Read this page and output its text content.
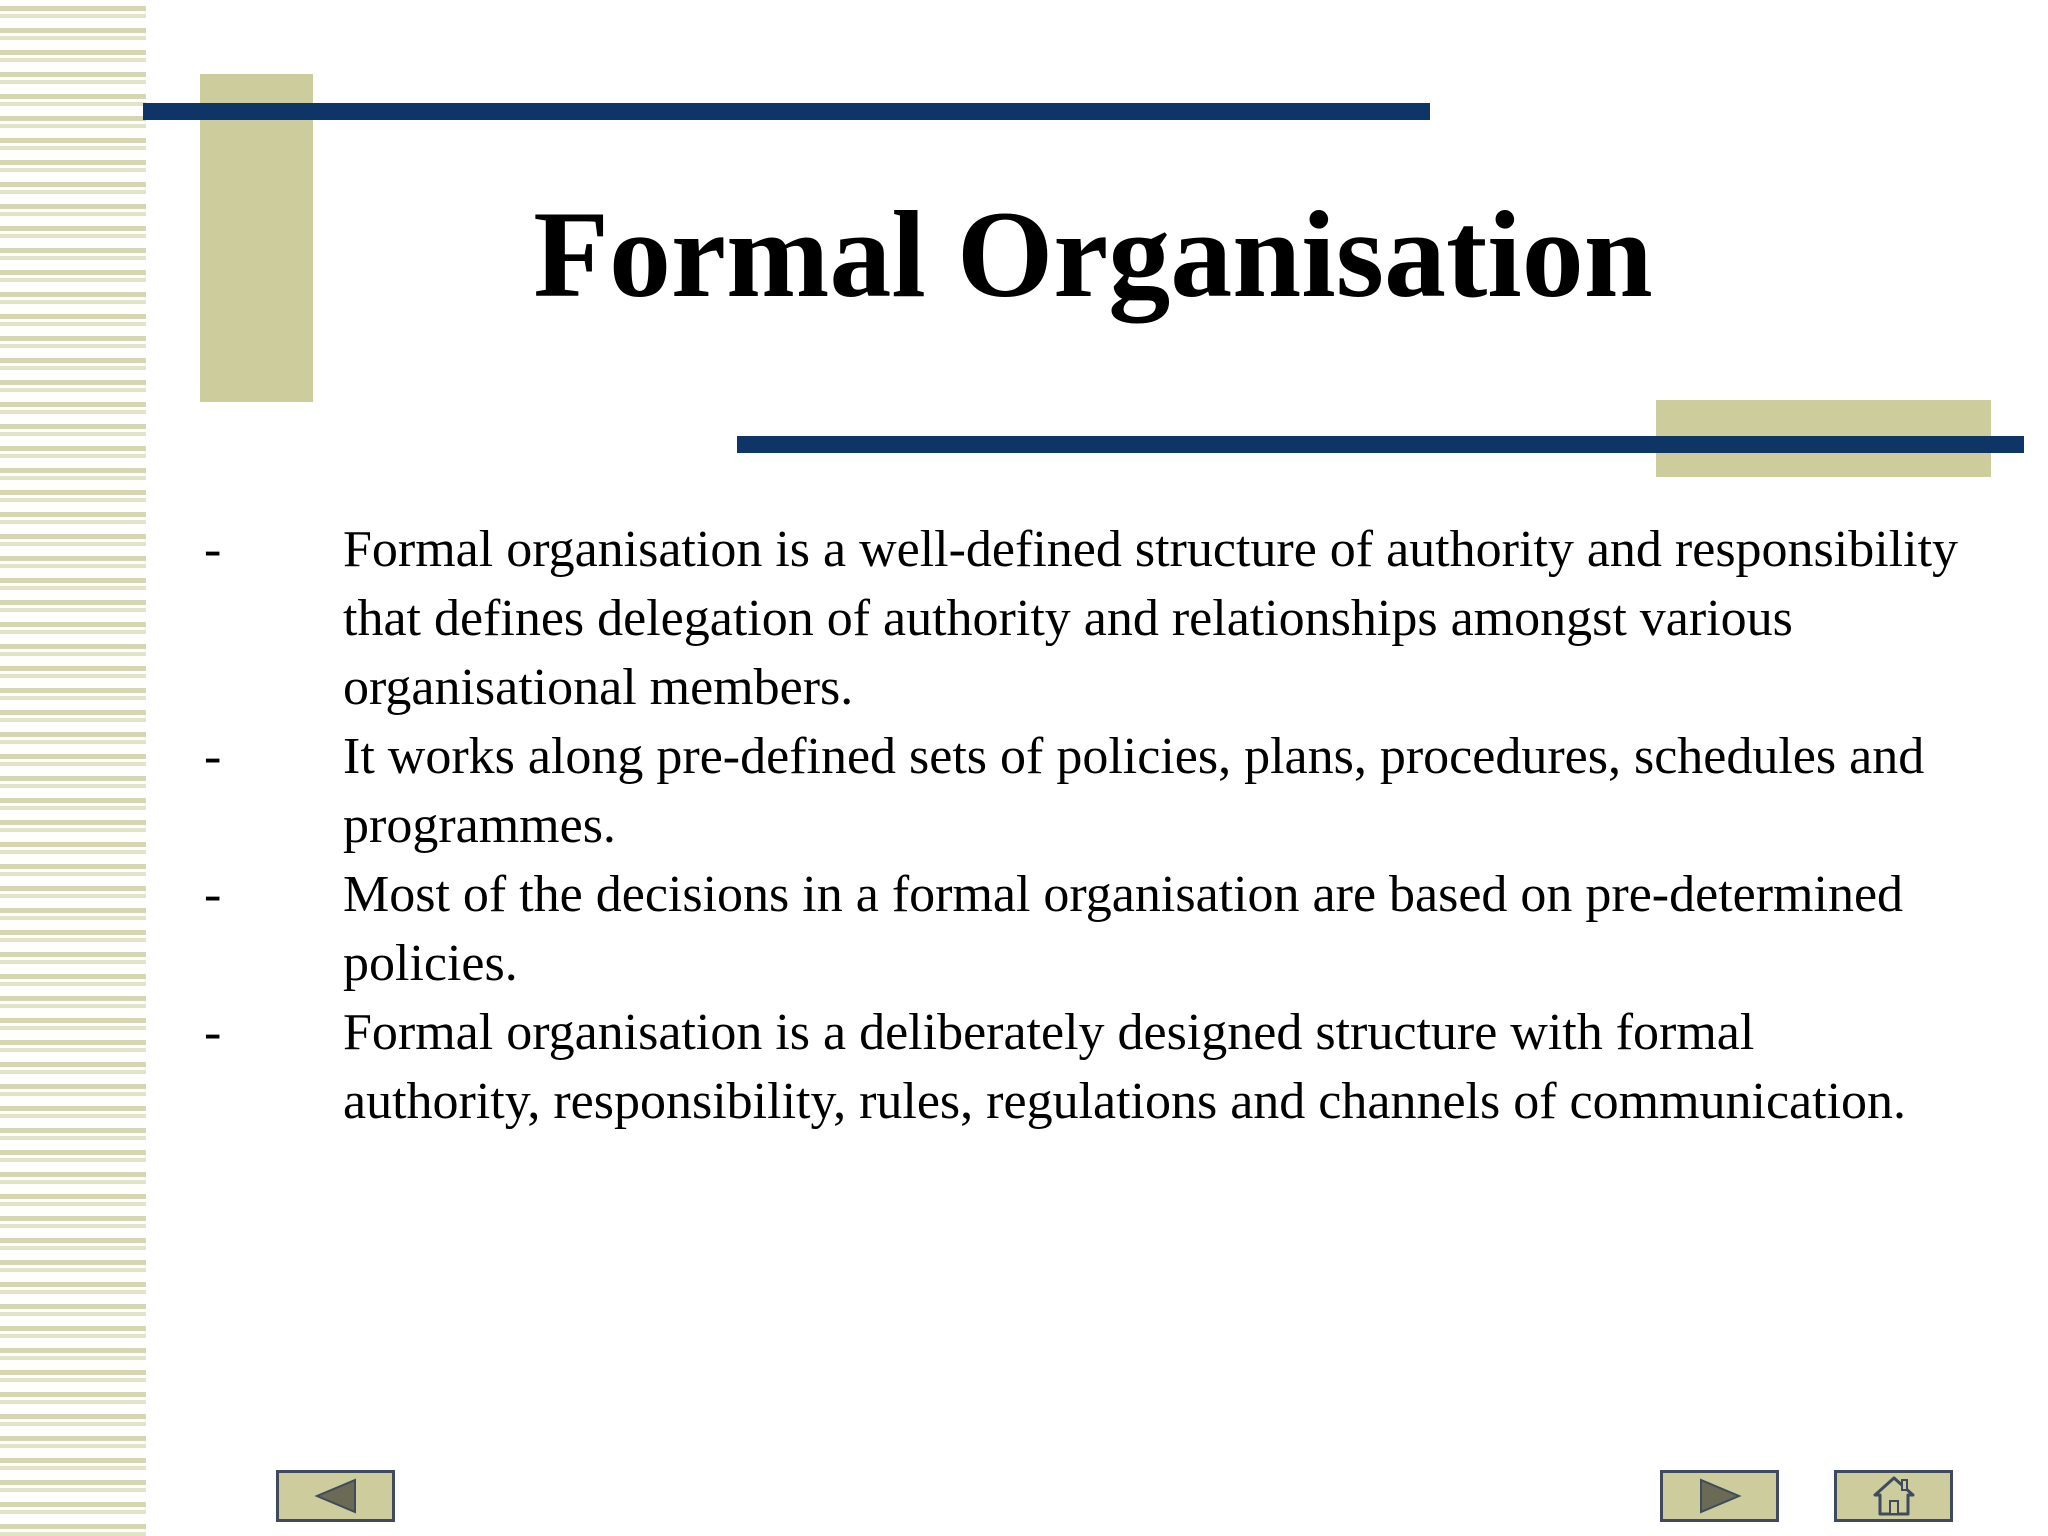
Formal Organisation
- Formal organisation is a well-defined structure of authority and responsibility that defines delegation of authority and relationships amongst various organisational members.
- It works along pre-defined sets of policies, plans, procedures, schedules and programmes.
- Most of the decisions in a formal organisation are based on pre-determined policies.
- Formal organisation is a deliberately designed structure with formal authority, responsibility, rules, regulations and channels of communication.
